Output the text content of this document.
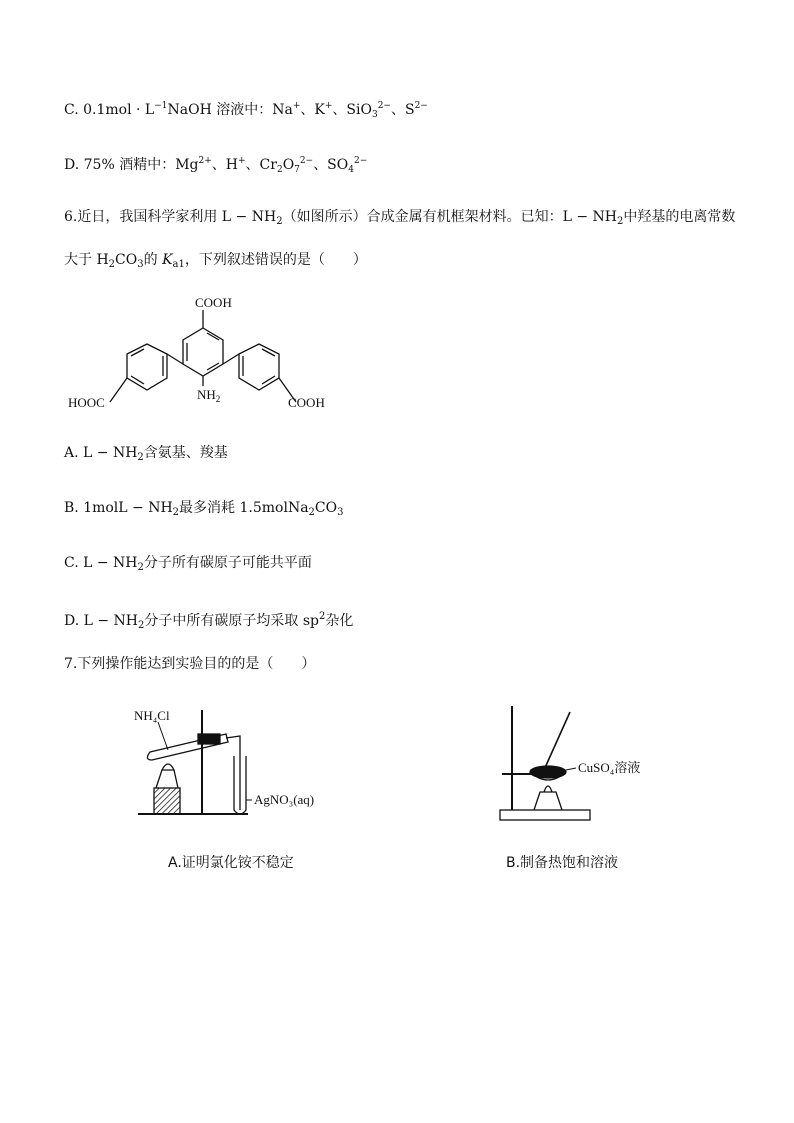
C. $0.1mol \cdot L^{-1}NaOH$ 溶液中：Na+、K+、SiO$_3^{2-}$、$S^{2-}$
D. 75% 酒精中：$Mg^{2+}$、H+、$Cr_2O_7^{2-}$、$SO_4^{2-}$
6.近日，我国科学家利用 $L - NH_2$（如图所示）合成金属有机框架材料。已知：$L - NH_2$中羟基的电离常数
大于 $H_2CO_3$的 $K_{a1}$，下列叙述错误的是（　　）
COOH
HOOC	COOH
$NH_2$
A. $L - NH_2$含氨基、羧基
B. 1molL − $NH_2$最多消耗 $1.5molNa_2CO_3$
C. $L - NH_2$分子所有碳原子可能共平面
D. $L - NH_2$分子中所有碳原子均采取 $sp^2$杂化
7.下列操作能达到实验目的的是（　　）
NH₄Cl
AgNO₃(aq)
A.证明氯化铵不稳定
CuSO₄溶液
B.制备热饱和溶液
